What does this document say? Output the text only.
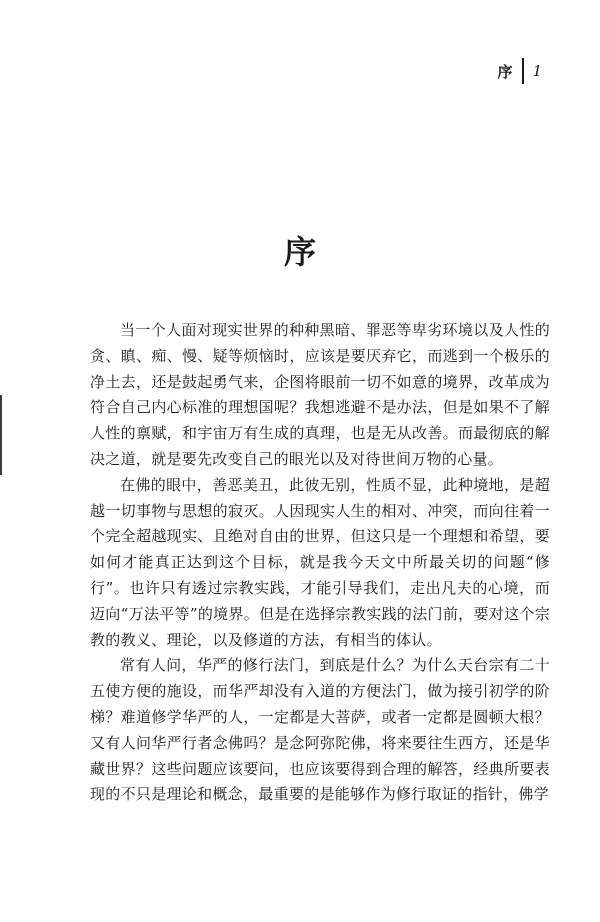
序 1
序

当一个人面对现实世界的种种黑暗、罪恶等卑劣环境以及人性的贪、瞋、痴、慢、疑等烦恼时，应该是要厌弃它，而逃到一个极乐的净土去，还是鼓起勇气来，企图将眼前一切不如意的境界，改革成为符合自己内心标准的理想国呢？我想逃避不是办法，但是如果不了解人性的禀赋，和宇宙万有生成的真理，也是无从改善。而最彻底的解决之道，就是要先改变自己的眼光以及对待世间万物的心量。

在佛的眼中，善恶美丑，此彼无别，性质不显，此种境地，是超越一切事物与思想的寂灭。人因现实人生的相对、冲突，而向往着一个完全超越现实、且绝对自由的世界，但这只是一个理想和希望，要如何才能真正达到这个目标，就是我今天文中所最关切的问题“修行”。也许只有透过宗教实践，才能引导我们，走出凡夫的心境，而迈向“万法平等”的境界。但是在选择宗教实践的法门前，要对这个宗教的教义、理论，以及修道的方法，有相当的体认。

常有人问，华严的修行法门，到底是什么？为什么天台宗有二十五使方便的施设，而华严却没有入道的方便法门，做为接引初学的阶梯？难道修学华严的人，一定都是大菩萨，或者一定都是圆顿大根？又有人问华严行者念佛吗？是念阿弥陀佛，将来要往生西方，还是华藏世界？这些问题应该要问，也应该要得到合理的解答，经典所要表现的不只是理论和概念，最重要的是能够作为修行取证的指针，佛学
